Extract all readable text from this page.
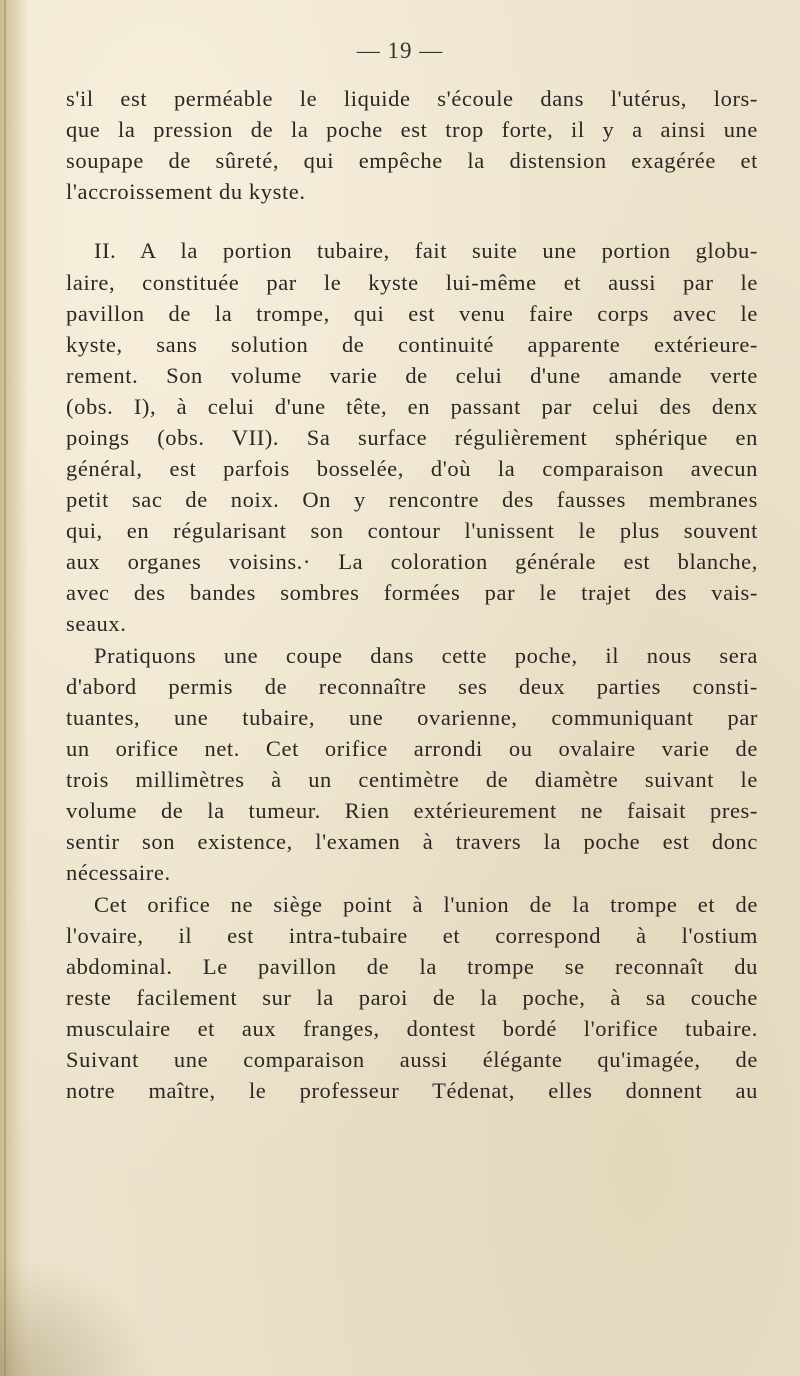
— 19 —
s'il est perméable le liquide s'écoule dans l'utérus, lors-
que la pression de la poche est trop forte, il y a ainsi une
soupape de sûreté, qui empêche la distension exagérée et
l'accroissement du kyste.
II. A la portion tubaire, fait suite une portion globu-
laire, constituée par le kyste lui-même et aussi par le
pavillon de la trompe, qui est venu faire corps avec le
kyste, sans solution de continuité apparente extérieure-
rement. Son volume varie de celui d'une amande verte
(obs. I), à celui d'une tête, en passant par celui des denx
poings (obs. VII). Sa surface régulièrement sphérique en
général, est parfois bosselée, d'où la comparaison avecun
petit sac de noix. On y rencontre des fausses membranes
qui, en régularisant son contour l'unissent le plus souvent
aux organes voisins.· La coloration générale est blanche,
avec des bandes sombres formées par le trajet des vais-
seaux.
Pratiquons une coupe dans cette poche, il nous sera
d'abord permis de reconnaître ses deux parties consti-
tuantes, une tubaire, une ovarienne, communiquant par
un orifice net. Cet orifice arrondi ou ovalaire varie de
trois millimètres à un centimètre de diamètre suivant le
volume de la tumeur. Rien extérieurement ne faisait pres-
sentir son existence, l'examen à travers la poche est donc
nécessaire.
Cet orifice ne siège point à l'union de la trompe et de
l'ovaire, il est intra-tubaire et correspond à l'ostium
abdominal. Le pavillon de la trompe se reconnaît du
reste facilement sur la paroi de la poche, à sa couche
musculaire et aux franges, dontest bordé l'orifice tubaire.
Suivant une comparaison aussi élégante qu'imagée, de
notre maître, le professeur Tédenat, elles donnent au
